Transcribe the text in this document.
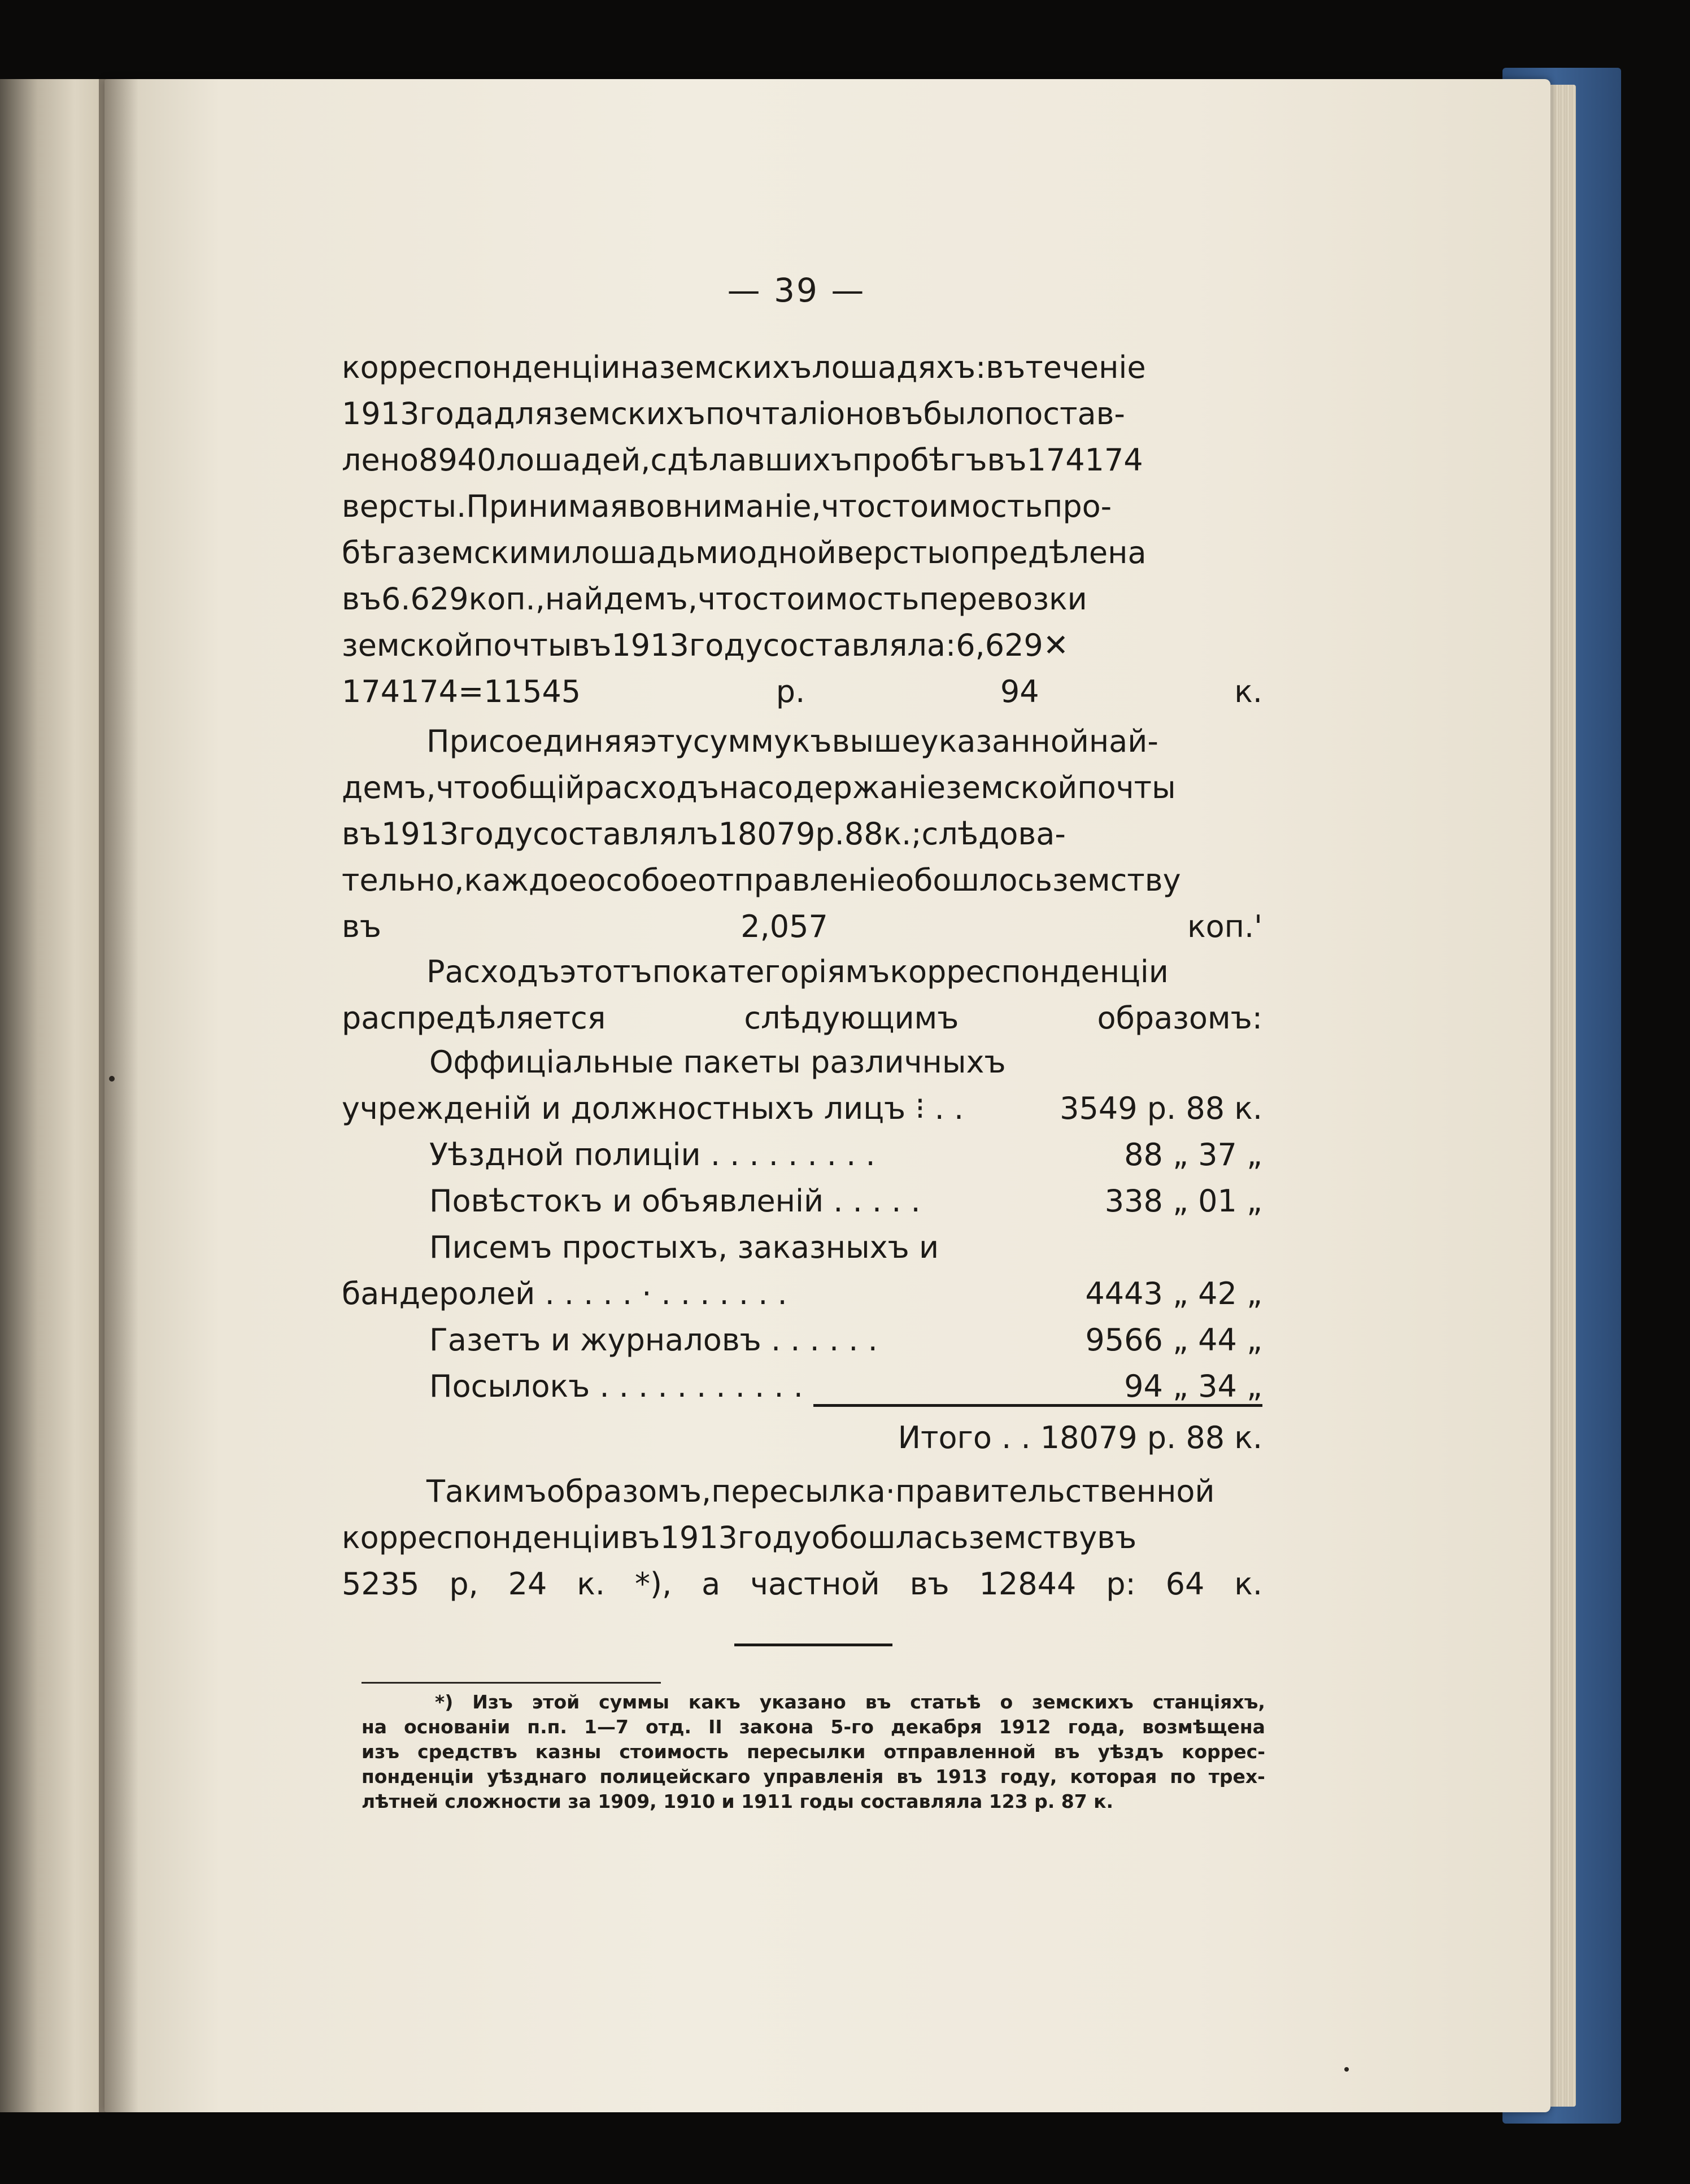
— 39 —
корреспонденціиназемскихълошадяхъ:вътеченіе
1913годадляземскихъпочталіоновъбылопостав-
лено8940лошадей,сдѣлавшихъпробѣгъвъ174174
версты.Принимаявовниманіе,чтостоимостьпро-
бѣгаземскимилошадьмиоднойверстыопредѣлена
въ6.629коп.,найдемъ,чтостоимостьперевозки
земскойпочтывъ1913годусоставляла:6,629✕
174174=11545 р. 94 к.
Присоединяяэтусуммукъвышеуказаннойнай-
демъ,чтообщійрасходънасодержаніеземскойпочты
въ1913годусоставлялъ18079р.88к.;слѣдова-
тельно,каждоеособоеотправленіеобошлосьземству
въ 2,057 коп.'
Расходъэтотъпокатегоріямъкорреспонденціи
распредѣляется слѣдующимъ образомъ:
Оффиціальные пакеты различныхъ
учрежденій и должностныхъ лицъ ⁝ . .	3549 р. 88 к.
Уѣздной полиціи . . . . . . . . .	88 „ 37 „
Повѣстокъ и объявленій . . . . .	338 „ 01 „
Писемъ простыхъ, заказныхъ и
бандеролей . . . . . · . . . . . . .	4443 „ 42 „
Газетъ и журналовъ . . . . . .	9566 „ 44 „
Посылокъ . . . . . . . . . . .	94 „ 34 „
Итого . . 18079 р. 88 к.
Такимъобразомъ,пересылка·правительственной
корреспонденціивъ1913годуобошласьземствувъ
5235 р, 24 к. *), а частной въ 12844 р: 64 к.
*) Изъ этой суммы какъ указано въ статьѣ о земскихъ станціяхъ,
на основаніи п.п. 1—7 отд. II закона 5-го декабря 1912 года, возмѣщена
изъ средствъ казны стоимость пересылки отправленной въ уѣздъ коррес-
понденціи уѣзднаго полицейскаго управленія въ 1913 году, которая по трех-
лѣтней сложности за 1909, 1910 и 1911 годы составляла 123 р. 87 к.
